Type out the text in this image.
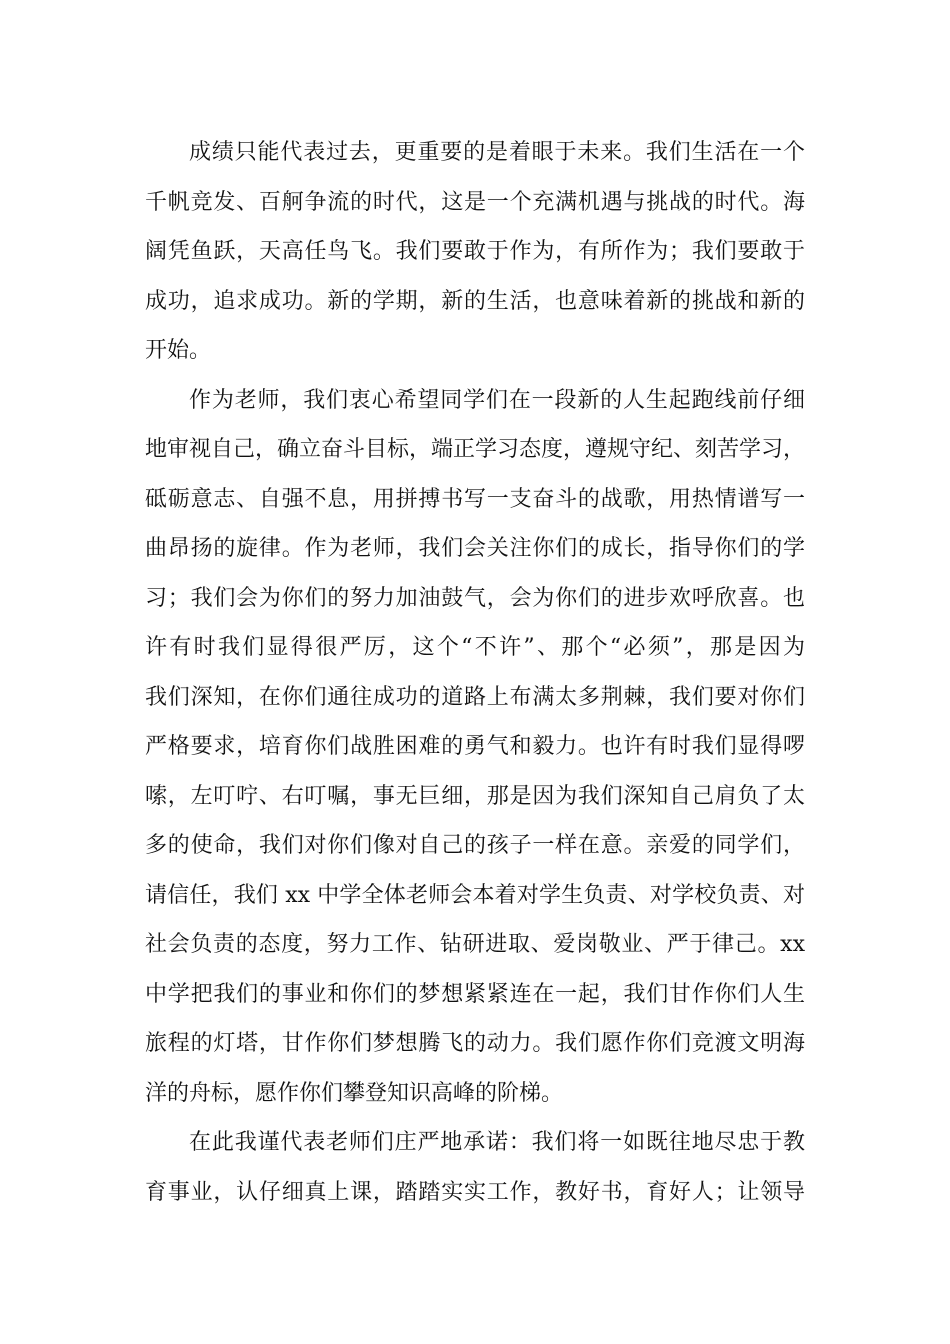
成绩只能代表过去，更重要的是着眼于未来。我们生活在一个
千帆竞发、百舸争流的时代，这是一个充满机遇与挑战的时代。海
阔凭鱼跃，天高任鸟飞。我们要敢于作为，有所作为；我们要敢于
成功，追求成功。新的学期，新的生活，也意味着新的挑战和新的
开始。
作为老师，我们衷心希望同学们在一段新的人生起跑线前仔细
地审视自己，确立奋斗目标，端正学习态度，遵规守纪、刻苦学习，
砥砺意志、自强不息，用拼搏书写一支奋斗的战歌，用热情谱写一
曲昂扬的旋律。作为老师，我们会关注你们的成长，指导你们的学
习；我们会为你们的努力加油鼓气，会为你们的进步欢呼欣喜。也
许有时我们显得很严厉，这个“不许”、那个“必须”，那是因为
我们深知，在你们通往成功的道路上布满太多荆棘，我们要对你们
严格要求，培育你们战胜困难的勇气和毅力。也许有时我们显得啰
嗦，左叮咛、右叮嘱，事无巨细，那是因为我们深知自己肩负了太
多的使命，我们对你们像对自己的孩子一样在意。亲爱的同学们，
请信任，我们 xx 中学全体老师会本着对学生负责、对学校负责、对
社会负责的态度，努力工作、钻研进取、爱岗敬业、严于律己。xx
中学把我们的事业和你们的梦想紧紧连在一起，我们甘作你们人生
旅程的灯塔，甘作你们梦想腾飞的动力。我们愿作你们竞渡文明海
洋的舟标，愿作你们攀登知识高峰的阶梯。
在此我谨代表老师们庄严地承诺：我们将一如既往地尽忠于教
育事业，认仔细真上课，踏踏实实工作，教好书，育好人；让领导
